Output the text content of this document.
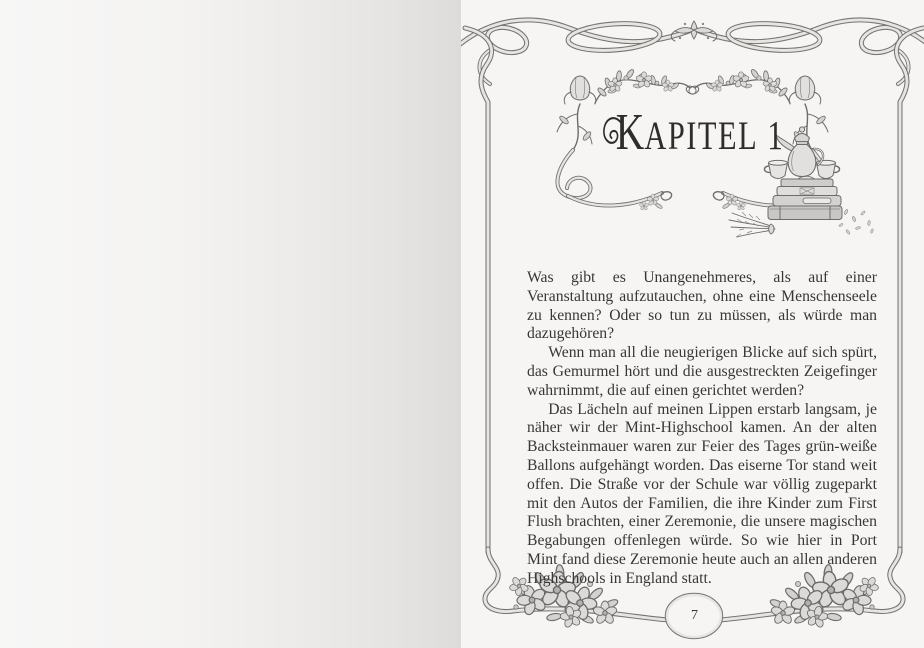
KAPITEL 1

Was gibt es Unangenehmeres, als auf einer Veranstaltung aufzutauchen, ohne eine Menschenseele zu kennen? Oder so tun zu müssen, als würde man dazugehören?

Wenn man all die neugierigen Blicke auf sich spürt, das Gemurmel hört und die ausgestreckten Zeigefinger wahrnimmt, die auf einen gerichtet werden?

Das Lächeln auf meinen Lippen erstarb langsam, je näher wir der Mint-Highschool kamen. An der alten Backsteinmauer waren zur Feier des Tages grün-weiße Ballons aufgehängt worden. Das eiserne Tor stand weit offen. Die Straße vor der Schule war völlig zugeparkt mit den Autos der Familien, die ihre Kinder zum First Flush brachten, einer Zeremonie, die unsere magischen Begabungen offenlegen würde. So wie hier in Port Mint fand diese Zeremonie heute auch an allen anderen Highschools in England statt.

7
